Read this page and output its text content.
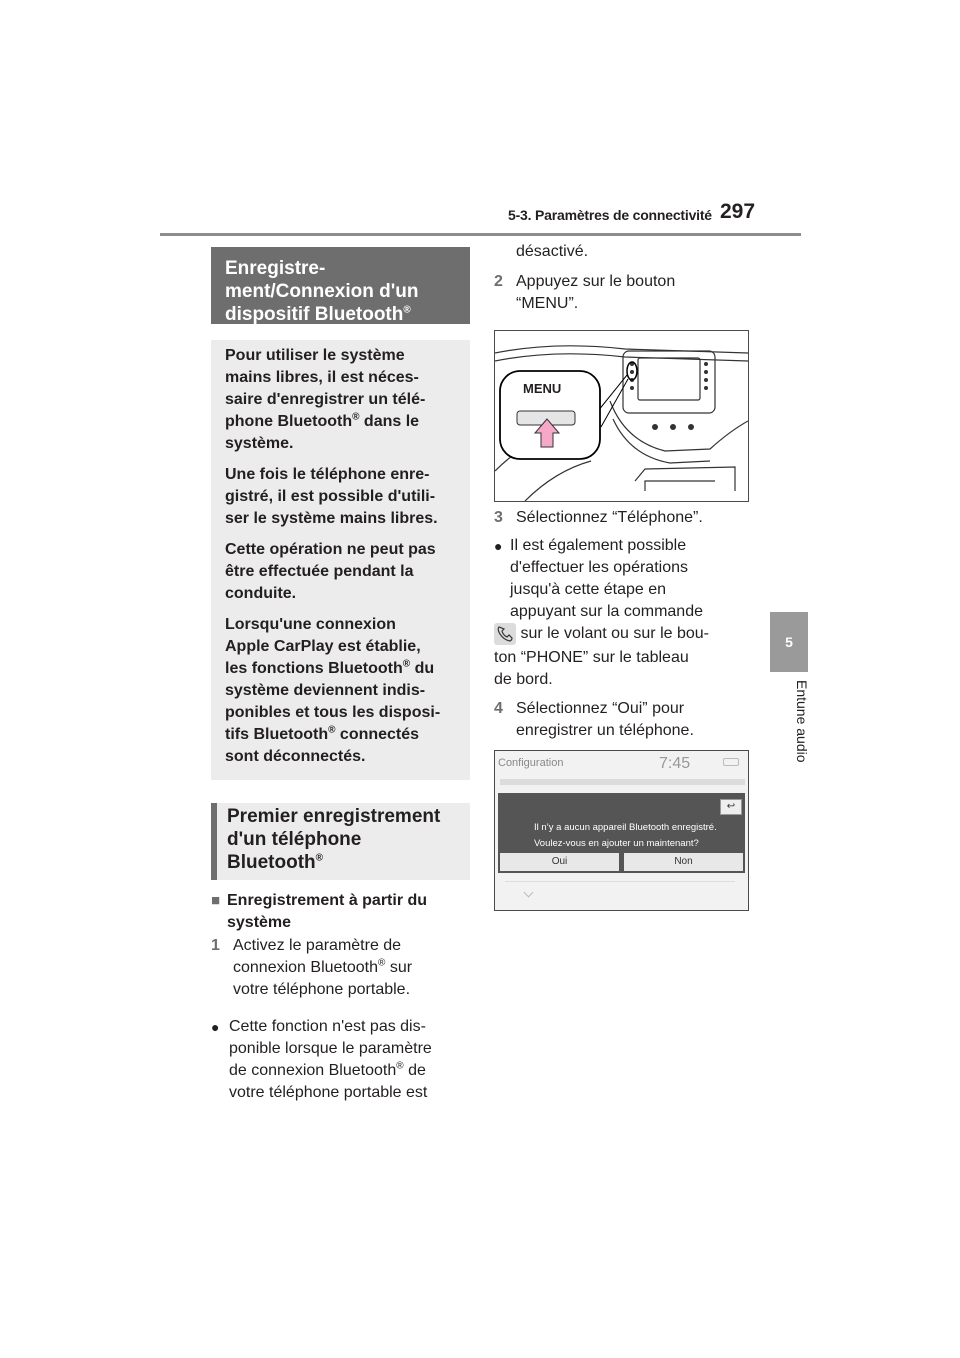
5-3. Paramètres de connectivité 297
5
Entune audio
Enregistre-
ment/Connexion d'un
dispositif Bluetooth®

Pour utiliser le système
mains libres, il est néces-
saire d'enregistrer un télé-
phone Bluetooth® dans le
système.

Une fois le téléphone enre-
gistré, il est possible d'utili-
ser le système mains libres.

Cette opération ne peut pas
être effectuée pendant la
conduite.

Lorsqu'une connexion
Apple CarPlay est établie,
les fonctions Bluetooth® du
système deviennent indis-
ponibles et tous les disposi-
tifs Bluetooth® connectés
sont déconnectés.

Premier enregistrement
d'un téléphone
Bluetooth®
■ Enregistrement à partir du
système
1 Activez le paramètre de
connexion Bluetooth® sur
votre téléphone portable.
● Cette fonction n'est pas dis-
ponible lorsque le paramètre
de connexion Bluetooth® de
votre téléphone portable est
désactivé.
2 Appuyez sur le bouton
“MENU”.
MENU
3 Sélectionnez “Téléphone”.
● Il est également possible
d'effectuer les opérations
jusqu'à cette étape en
appuyant sur la commande
sur le volant ou sur le bou-
ton “PHONE” sur le tableau
de bord.
4 Sélectionnez “Oui” pour
enregistrer un téléphone.
Configuration	7:45
↩
Il n’y a aucun appareil Bluetooth enregistré.
Voulez-vous en ajouter un maintenant?
Oui	Non
